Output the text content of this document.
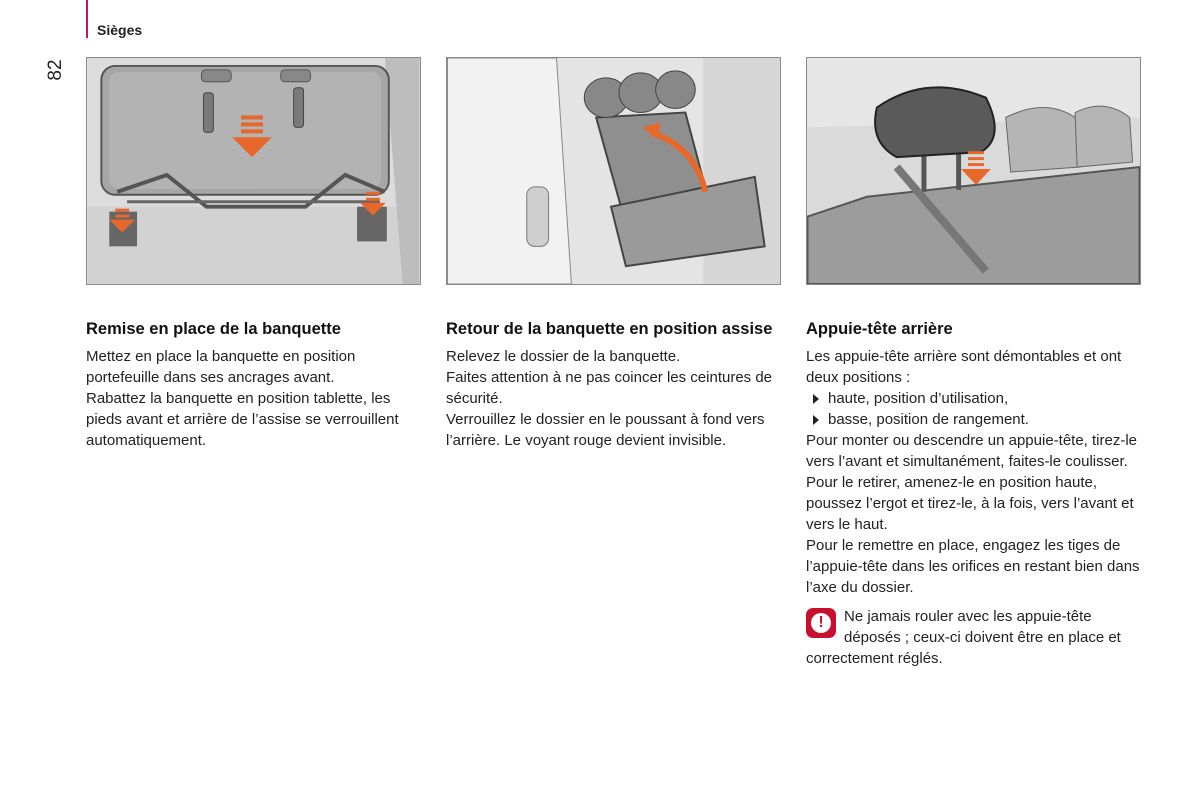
Sièges
82
Remise en place de la banquette

Mettez en place la banquette en position portefeuille dans ses ancrages avant.

Rabattez la banquette en position tablette, les pieds avant et arrière de l’assise se verrouillent automatiquement.

Retour de la banquette en position assise

Relevez le dossier de la banquette.

Faites attention à ne pas coincer les ceintures de sécurité.

Verrouillez le dossier en le poussant à fond vers l’arrière. Le voyant rouge devient invisible.

Appuie-tête arrière

Les appuie-tête arrière sont démontables et ont deux positions :

haute, position d’utilisation,
basse, position de rangement.

Pour monter ou descendre un appuie-tête, tirez-le vers l’avant et simultanément, faites-le coulisser.

Pour le retirer, amenez-le en position haute, poussez l’ergot et tirez-le, à la fois, vers l’avant et vers le haut.

Pour le remettre en place, engagez les tiges de l’appuie-tête dans les orifices en restant bien dans l’axe du dossier.

!	Ne jamais rouler avec les appuie-tête déposés ; ceux-ci doivent être en place et correctement réglés.
